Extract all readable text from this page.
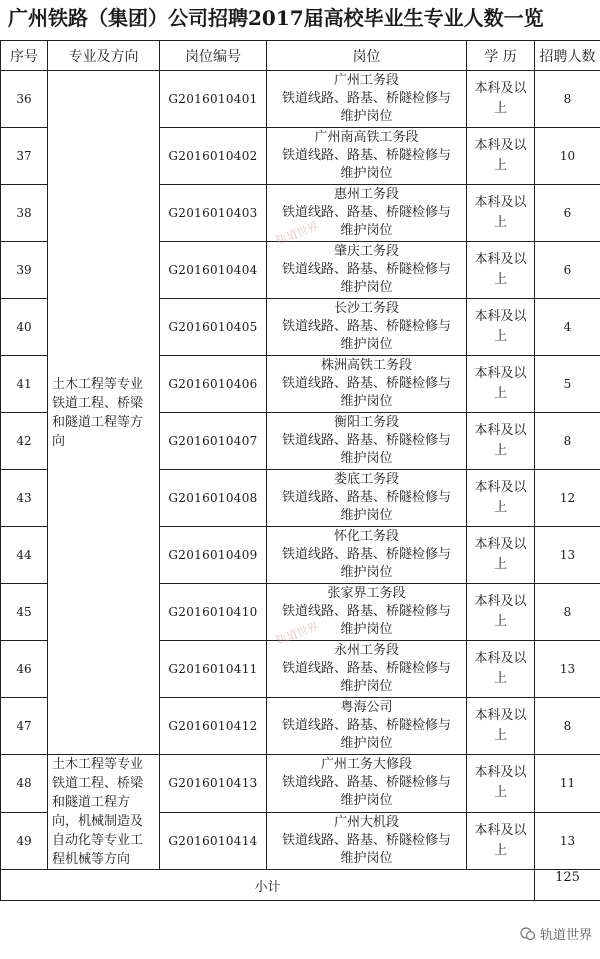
广州铁路（集团）公司招聘2017届高校毕业生专业人数一览
序号	专业及方向	岗位编号	岗位	学 历	招聘人数
36	土木工程等专业铁道工程、桥梁和隧道工程等方向	G2016010401	广州工务段
铁道线路、路基、桥隧检修与维护岗位	本科及以上	8
37		G2016010402	广州南高铁工务段
铁道线路、路基、桥隧检修与维护岗位	本科及以上	10
38		G2016010403	惠州工务段
铁道线路、路基、桥隧检修与维护岗位	本科及以上	6
39		G2016010404	肇庆工务段
铁道线路、路基、桥隧检修与维护岗位	本科及以上	6
40		G2016010405	长沙工务段
铁道线路、路基、桥隧检修与维护岗位	本科及以上	4
41		G2016010406	株洲高铁工务段
铁道线路、路基、桥隧检修与维护岗位	本科及以上	5
42		G2016010407	衡阳工务段
铁道线路、路基、桥隧检修与维护岗位	本科及以上	8
43		G2016010408	娄底工务段
铁道线路、路基、桥隧检修与维护岗位	本科及以上	12
44		G2016010409	怀化工务段
铁道线路、路基、桥隧检修与维护岗位	本科及以上	13
45		G2016010410	张家界工务段
铁道线路、路基、桥隧检修与维护岗位	本科及以上	8
46		G2016010411	永州工务段
铁道线路、路基、桥隧检修与维护岗位	本科及以上	13
47		G2016010412	粤海公司
铁道线路、路基、桥隧检修与维护岗位	本科及以上	8
48	土木工程等专业铁道工程、桥梁和隧道工程方向，机械制造及自动化等专业工程机械等方向	G2016010413	广州工务大修段
铁道线路、路基、桥隧检修与维护岗位	本科及以上	11
49		G2016010414	广州大机段
铁道线路、路基、桥隧检修与维护岗位	本科及以上	13
小计					125
轨道世界
轨道世界
轨道世界
